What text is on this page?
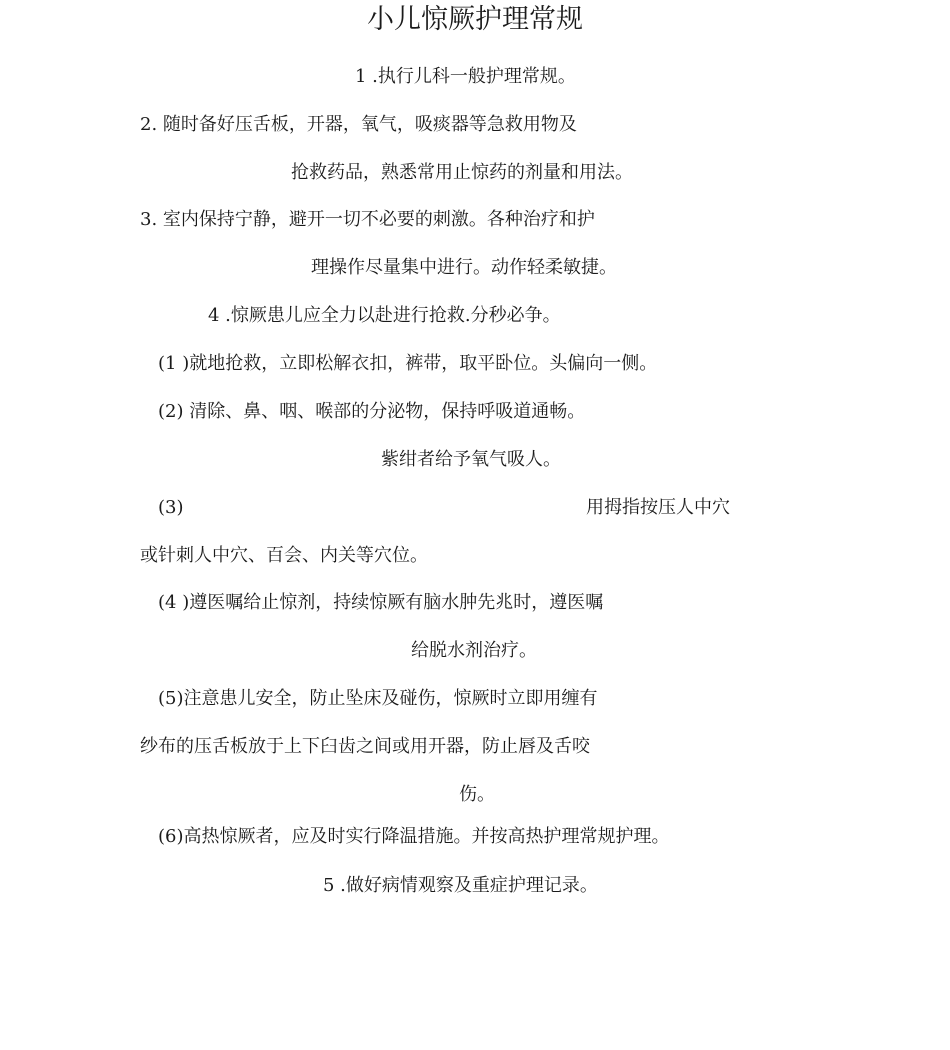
小儿惊厥护理常规
1 .执行儿科一般护理常规。
2. 随时备好压舌板，开器，氧气，吸痰器等急救用物及
抢救药品，熟悉常用止惊药的剂量和用法。
3. 室内保持宁静，避开一切不必要的刺激。各种治疗和护
理操作尽量集中进行。动作轻柔敏捷。
4 .惊厥患儿应全力以赴进行抢救.分秒必争。
(1 )就地抢救，立即松解衣扣，裤带，取平卧位。头偏向一侧。
(2) 清除、鼻、咽、喉部的分泌物，保持呼吸道通畅。
紫绀者给予氧气吸人。
(3)	用拇指按压人中穴
或针刺人中穴、百会、内关等穴位。
(4 )遵医嘱给止惊剂，持续惊厥有脑水肿先兆时，遵医嘱
给脱水剂治疗。
(5)注意患儿安全，防止坠床及碰伤，惊厥时立即用缠有
纱布的压舌板放于上下臼齿之间或用开器，防止唇及舌咬
伤。
(6)高热惊厥者，应及时实行降温措施。并按高热护理常规护理。
5 .做好病情观察及重症护理记录。
